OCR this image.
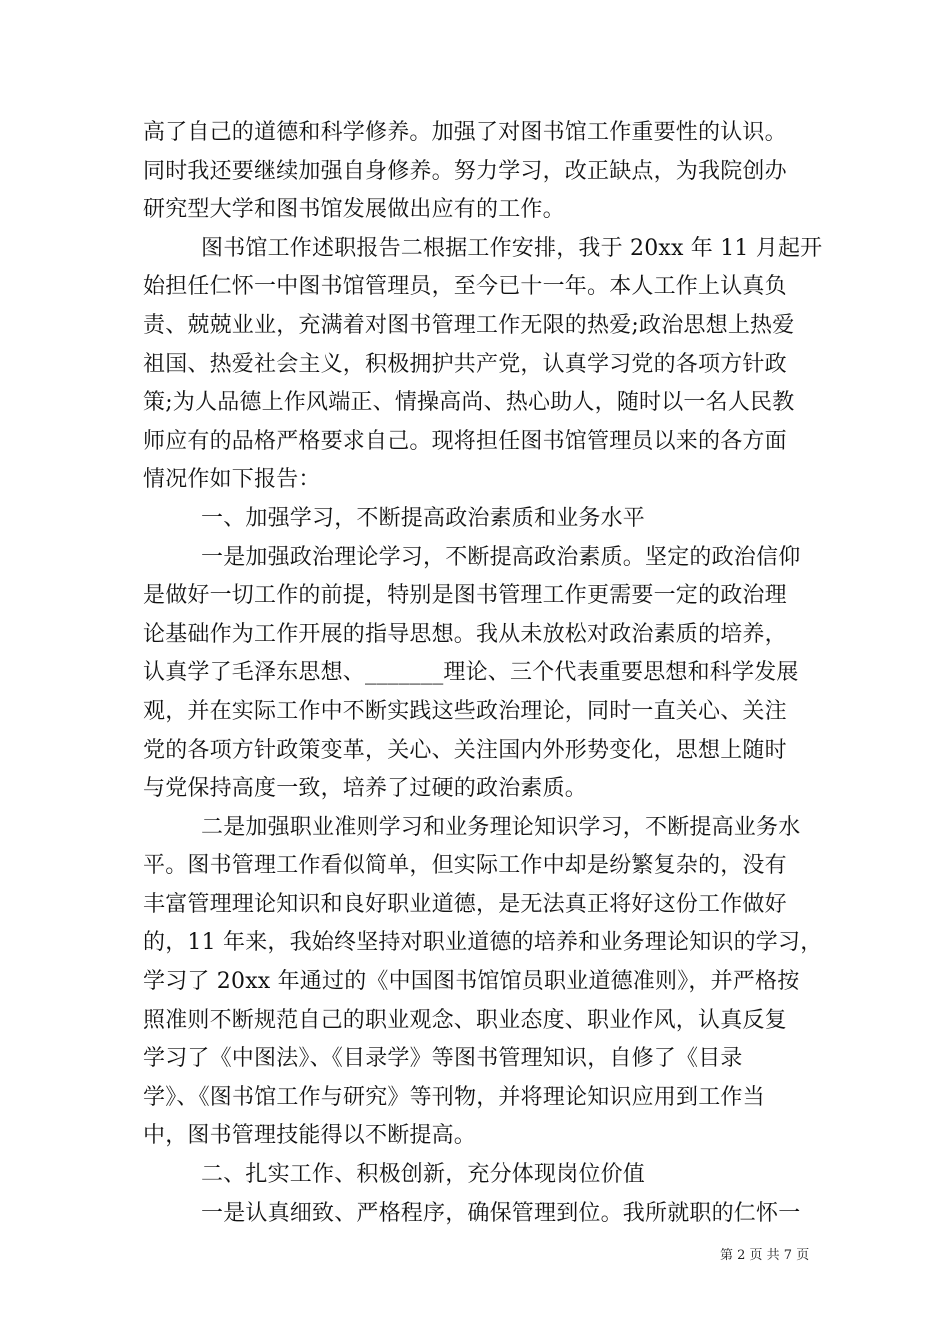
高了自己的道德和科学修养。加强了对图书馆工作重要性的认识。
同时我还要继续加强自身修养。努力学习，改正缺点，为我院创办
研究型大学和图书馆发展做出应有的工作。
图书馆工作述职报告二根据工作安排，我于 20xx 年 11 月起开
始担任仁怀一中图书馆管理员，至今已十一年。本人工作上认真负
责、兢兢业业，充满着对图书管理工作无限的热爱;政治思想上热爱
祖国、热爱社会主义，积极拥护共产党，认真学习党的各项方针政
策;为人品德上作风端正、情操高尚、热心助人，随时以一名人民教
师应有的品格严格要求自己。现将担任图书馆管理员以来的各方面
情况作如下报告：
一、加强学习，不断提高政治素质和业务水平
一是加强政治理论学习，不断提高政治素质。坚定的政治信仰
是做好一切工作的前提，特别是图书管理工作更需要一定的政治理
论基础作为工作开展的指导思想。我从未放松对政治素质的培养，
认真学了毛泽东思想、_______理论、三个代表重要思想和科学发展
观，并在实际工作中不断实践这些政治理论，同时一直关心、关注
党的各项方针政策变革，关心、关注国内外形势变化，思想上随时
与党保持高度一致，培养了过硬的政治素质。
二是加强职业准则学习和业务理论知识学习，不断提高业务水
平。图书管理工作看似简单，但实际工作中却是纷繁复杂的，没有
丰富管理理论知识和良好职业道德，是无法真正将好这份工作做好
的，11 年来，我始终坚持对职业道德的培养和业务理论知识的学习，
学习了 20xx 年通过的《中国图书馆馆员职业道德准则》，并严格按
照准则不断规范自己的职业观念、职业态度、职业作风，认真反复
学习了《中图法》、《目录学》等图书管理知识，自修了《目录
学》、《图书馆工作与研究》等刊物，并将理论知识应用到工作当
中，图书管理技能得以不断提高。
二、扎实工作、积极创新，充分体现岗位价值
一是认真细致、严格程序，确保管理到位。我所就职的仁怀一
第 2 页 共 7 页
